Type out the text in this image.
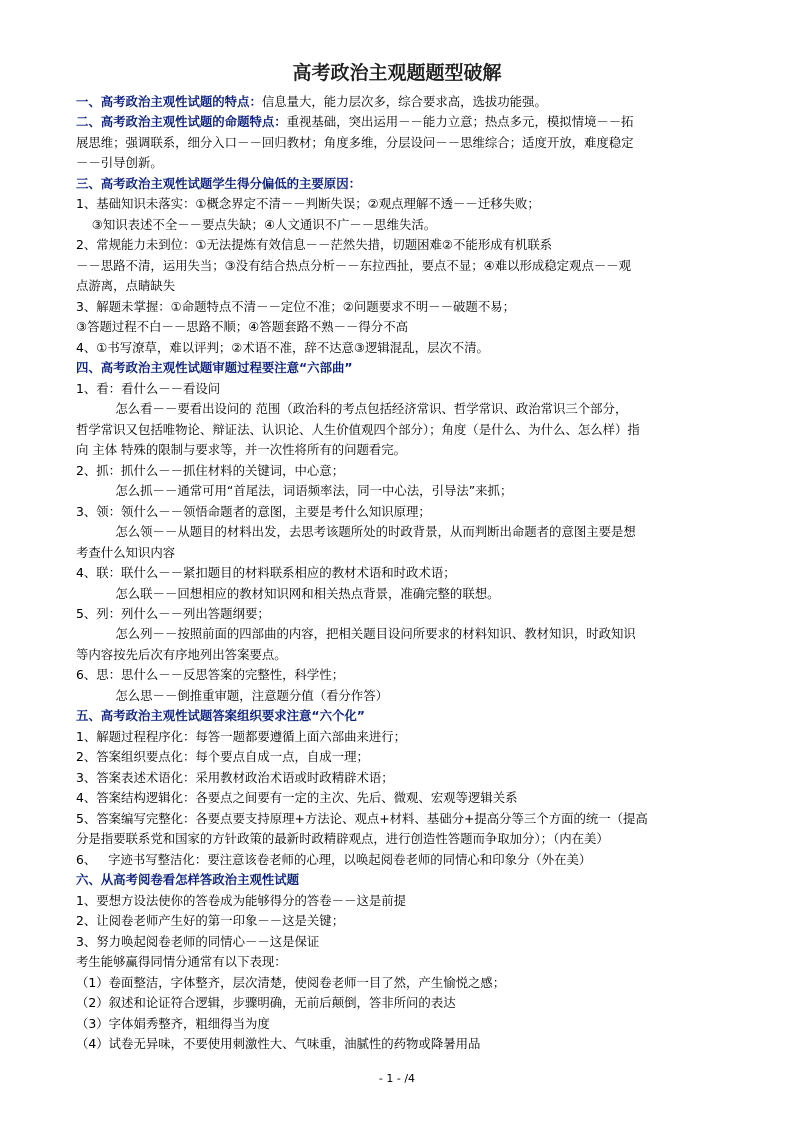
高考政治主观题题型破解
一、高考政治主观性试题的特点：信息量大，能力层次多，综合要求高，选拔功能强。
二、高考政治主观性试题的命题特点：重视基础，突出运用－－能力立意；热点多元，模拟情境－－拓
展思维；强调联系，细分入口－－回归教材；角度多维，分层设问－－思维综合；适度开放，难度稳定
－－引导创新。
三、高考政治主观性试题学生得分偏低的主要原因：
1、基础知识未落实：①概念界定不清－－判断失误；②观点理解不透－－迁移失败；
③知识表述不全－－要点失缺；④人文通识不广－－思维失活。
2、常规能力未到位：①无法提炼有效信息－－茫然失措，切题困难②不能形成有机联系
－－思路不清，运用失当；③没有结合热点分析－－东拉西扯，要点不显；④难以形成稳定观点－－观
点游离，点睛缺失
3、解题未掌握：①命题特点不清－－定位不准；②问题要求不明－－破题不易；
③答题过程不白－－思路不顺；④答题套路不熟－－得分不高
4、①书写潦草，难以评判；②术语不准，辞不达意③逻辑混乱，层次不清。
四、高考政治主观性试题审题过程要注意“六部曲”
1、看：看什么－－看设问
怎么看－－要看出设问的 范围（政治科的考点包括经济常识、哲学常识、政治常识三个部分，
哲学常识又包括唯物论、辩证法、认识论、人生价值观四个部分）；角度（是什么、为什么、怎么样）指
向 主体 特殊的限制与要求等，并一次性将所有的问题看完。
2、抓：抓什么－－抓住材料的关键词，中心意；
怎么抓－－通常可用“首尾法，词语频率法，同一中心法，引导法”来抓；
3、领：领什么－－领悟命题者的意图，主要是考什么知识原理；
怎么领－－从题目的材料出发，去思考该题所处的时政背景，从而判断出命题者的意图主要是想
考查什么知识内容
4、联：联什么－－紧扣题目的材料联系相应的教材术语和时政术语；
怎么联－－回想相应的教材知识网和相关热点背景，准确完整的联想。
5、列：列什么－－列出答题纲要；
怎么列－－按照前面的四部曲的内容，把相关题目设问所要求的材料知识、教材知识，时政知识
等内容按先后次有序地列出答案要点。
6、思：思什么－－反思答案的完整性，科学性；
怎么思－－倒推重审题，注意题分值（看分作答）
五、高考政治主观性试题答案组织要求注意“六个化”
1、解题过程程序化：每答一题都要遵循上面六部曲来进行；
2、答案组织要点化：每个要点自成一点，自成一理；
3、答案表述术语化：采用教材政治术语或时政精辟术语；
4、答案结构逻辑化：各要点之间要有一定的主次、先后、微观、宏观等逻辑关系
5、答案编写完整化：各要点要支持原理+方法论、观点+材料、基础分+提高分等三个方面的统一（提高
分是指要联系党和国家的方针政策的最新时政精辟观点，进行创造性答题而争取加分）；（内在美）
6、   字迹书写整洁化：要注意该卷老师的心理，以唤起阅卷老师的同情心和印象分（外在美）
六、从高考阅卷看怎样答政治主观性试题
1、要想方设法使你的答卷成为能够得分的答卷－－这是前提
2、让阅卷老师产生好的第一印象－－这是关键；
3、努力唤起阅卷老师的同情心－－这是保证
考生能够赢得同情分通常有以下表现：
（1）卷面整洁，字体整齐，层次清楚，使阅卷老师一目了然，产生愉悦之感；
（2）叙述和论证符合逻辑，步骤明确，无前后颠倒，答非所问的表达
（3）字体娟秀整齐，粗细得当为度
（4）试卷无异味，不要使用刺激性大、气味重，油腻性的药物或降暑用品
- 1 - /4
